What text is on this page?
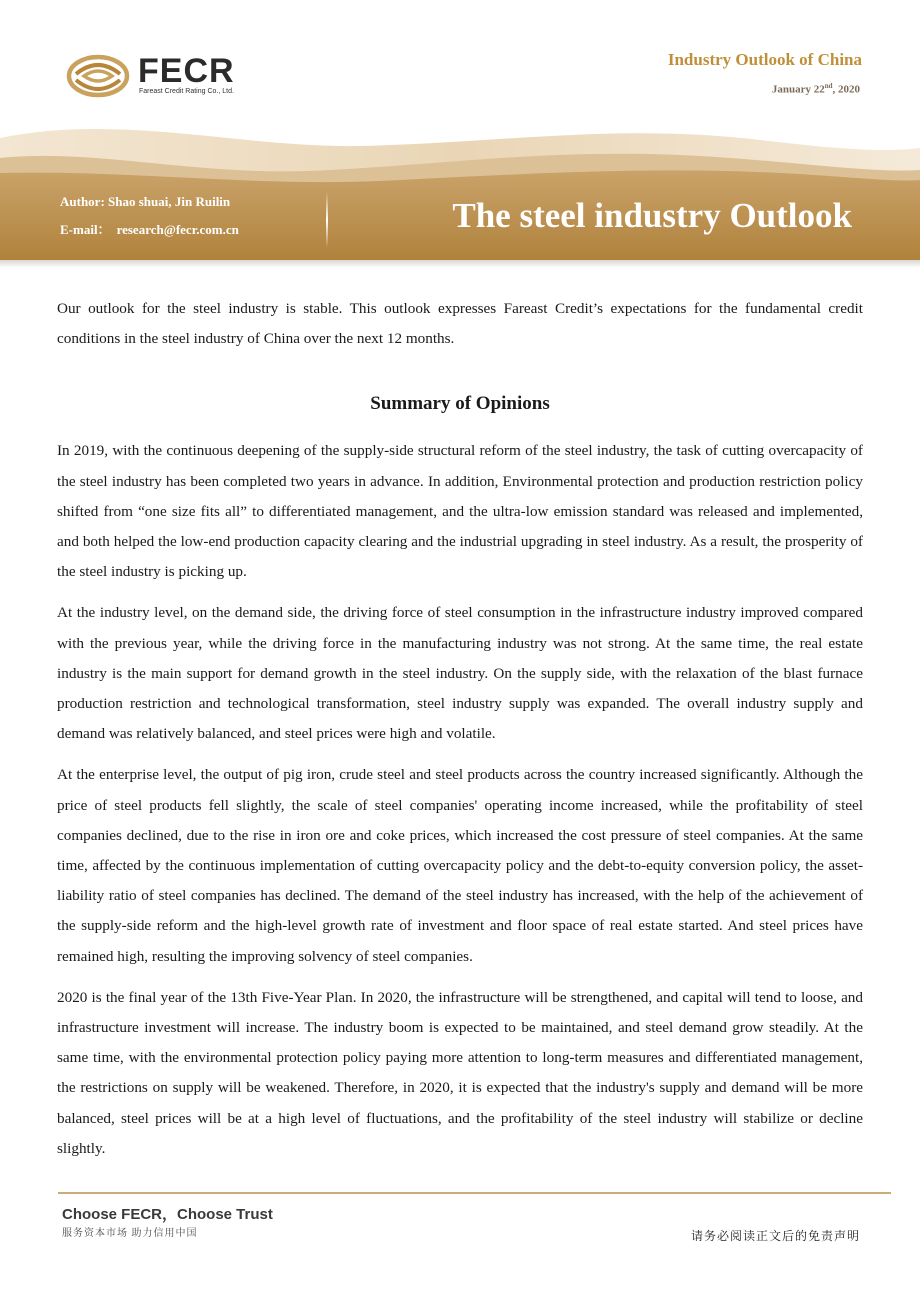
FECR
Fareast Credit Rating Co., Ltd.
Industry Outlook of China
January 22nd, 2020
Author: Shao shuai, Jin Ruilin
E-mail： research@fecr.com.cn	The steel industry Outlook

Our outlook for the steel industry is stable. This outlook expresses Fareast Credit’s expectations for the fundamental credit conditions in the steel industry of China over the next 12 months.

Summary of Opinions

In 2019, with the continuous deepening of the supply-side structural reform of the steel industry, the task of cutting overcapacity of the steel industry has been completed two years in advance. In addition, Environmental protection and production restriction policy shifted from “one size fits all” to differentiated management, and the ultra-low emission standard was released and implemented, and both helped the low-end production capacity clearing and the industrial upgrading in steel industry. As a result, the prosperity of the steel industry is picking up.

At the industry level, on the demand side, the driving force of steel consumption in the infrastructure industry improved compared with the previous year, while the driving force in the manufacturing industry was not strong. At the same time, the real estate industry is the main support for demand growth in the steel industry. On the supply side, with the relaxation of the blast furnace production restriction and technological transformation, steel industry supply was expanded. The overall industry supply and demand was relatively balanced, and steel prices were high and volatile.

At the enterprise level, the output of pig iron, crude steel and steel products across the country increased significantly. Although the price of steel products fell slightly, the scale of steel companies' operating income increased, while the profitability of steel companies declined, due to the rise in iron ore and coke prices, which increased the cost pressure of steel companies. At the same time, affected by the continuous implementation of cutting overcapacity policy and the debt-to-equity conversion policy, the asset-liability ratio of steel companies has declined. The demand of the steel industry has increased, with the help of the achievement of the supply-side reform and the high-level growth rate of investment and floor space of real estate started. And steel prices have remained high, resulting the improving solvency of steel companies.

2020 is the final year of the 13th Five-Year Plan. In 2020, the infrastructure will be strengthened, and capital will tend to loose, and infrastructure investment will increase. The industry boom is expected to be maintained, and steel demand grow steadily. At the same time, with the environmental protection policy paying more attention to long-term measures and differentiated management, the restrictions on supply will be weakened. Therefore, in 2020, it is expected that the industry's supply and demand will be more balanced, steel prices will be at a high level of fluctuations, and the profitability of the steel industry will stabilize or decline slightly.

Choose FECR，Choose Trust
服务资本市场 助力信用中国	请务必阅读正文后的免责声明
